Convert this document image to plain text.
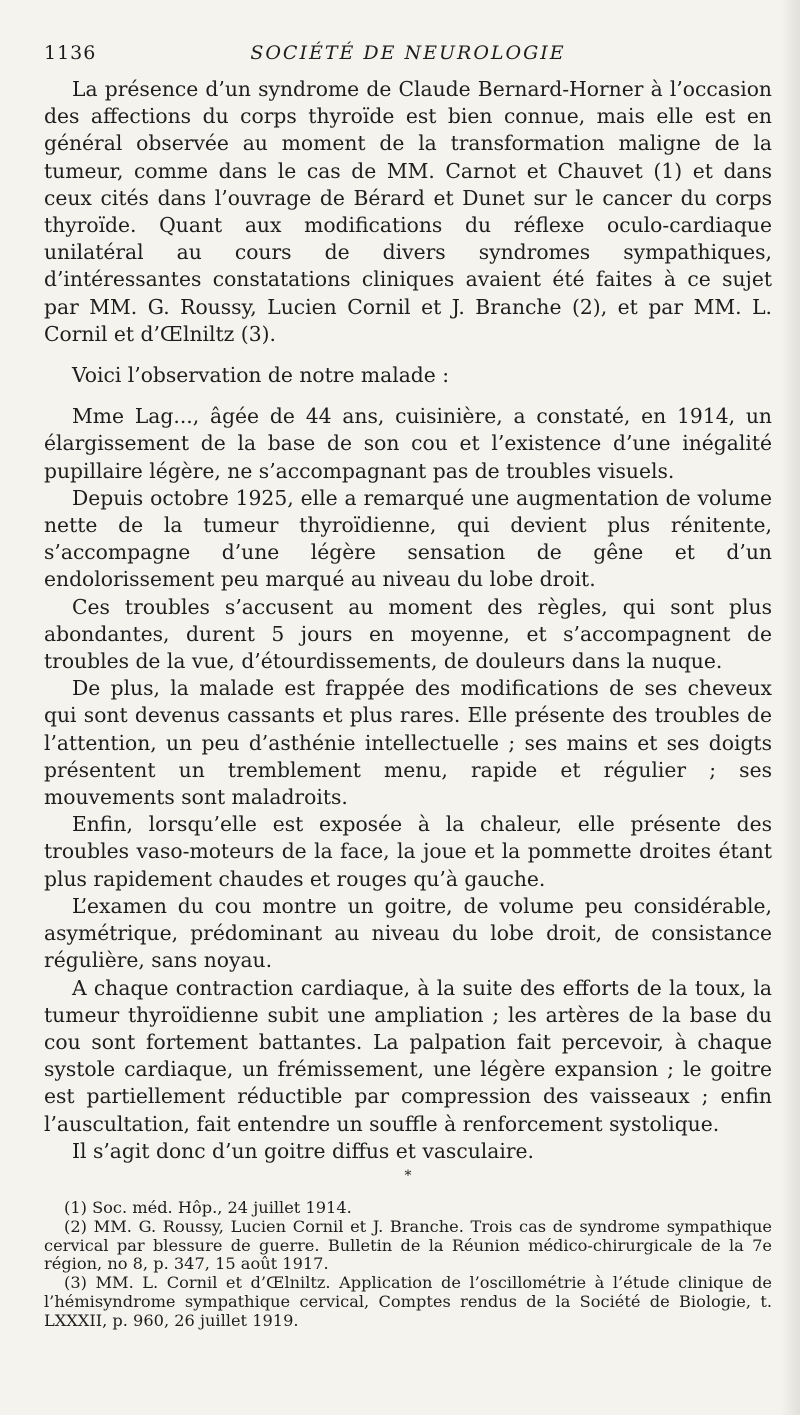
1136	SOCIÉTÉ DE NEUROLOGIE

La présence d’un syndrome de Claude Bernard-Horner à l’occasion des affections du corps thyroïde est bien connue, mais elle est en général observée au moment de la transformation maligne de la tumeur, comme dans le cas de MM. Carnot et Chauvet (1) et dans ceux cités dans l’ouvrage de Bérard et Dunet sur le cancer du corps thyroïde. Quant aux modifications du réflexe oculo-cardiaque unilatéral au cours de divers syndromes sympathiques, d’intéressantes constatations cliniques avaient été faites à ce sujet par MM. G. Roussy, Lucien Cornil et J. Branche (2), et par MM. L. Cornil et d’Œlniltz (3).

Voici l’observation de notre malade :

Mme Lag..., âgée de 44 ans, cuisinière, a constaté, en 1914, un élargissement de la base de son cou et l’existence d’une inégalité pupillaire légère, ne s’accompagnant pas de troubles visuels.

Depuis octobre 1925, elle a remarqué une augmentation de volume nette de la tumeur thyroïdienne, qui devient plus rénitente, s’accompagne d’une légère sensation de gêne et d’un endolorissement peu marqué au niveau du lobe droit.

Ces troubles s’accusent au moment des règles, qui sont plus abondantes, durent 5 jours en moyenne, et s’accompagnent de troubles de la vue, d’étourdissements, de douleurs dans la nuque.

De plus, la malade est frappée des modifications de ses cheveux qui sont devenus cassants et plus rares. Elle présente des troubles de l’attention, un peu d’asthénie intellectuelle ; ses mains et ses doigts présentent un tremblement menu, rapide et régulier ; ses mouvements sont maladroits.

Enfin, lorsqu’elle est exposée à la chaleur, elle présente des troubles vaso-moteurs de la face, la joue et la pommette droites étant plus rapidement chaudes et rouges qu’à gauche.

L’examen du cou montre un goitre, de volume peu considérable, asymétrique, prédominant au niveau du lobe droit, de consistance régulière, sans noyau.

A chaque contraction cardiaque, à la suite des efforts de la toux, la tumeur thyroïdienne subit une ampliation ; les artères de la base du cou sont fortement battantes. La palpation fait percevoir, à chaque systole cardiaque, un frémissement, une légère expansion ; le goitre est partiellement réductible par compression des vaisseaux ; enfin l’auscultation, fait entendre un souffle à renforcement systolique.

Il s’agit donc d’un goitre diffus et vasculaire.

*

(1) Soc. méd. Hôp., 24 juillet 1914.

(2) MM. G. Roussy, Lucien Cornil et J. Branche. Trois cas de syndrome sympathique cervical par blessure de guerre. Bulletin de la Réunion médico-chirurgicale de la 7e région, no 8, p. 347, 15 août 1917.

(3) MM. L. Cornil et d’Œlniltz. Application de l’oscillométrie à l’étude clinique de l’hémisyndrome sympathique cervical, Comptes rendus de la Société de Biologie, t. LXXXII, p. 960, 26 juillet 1919.
